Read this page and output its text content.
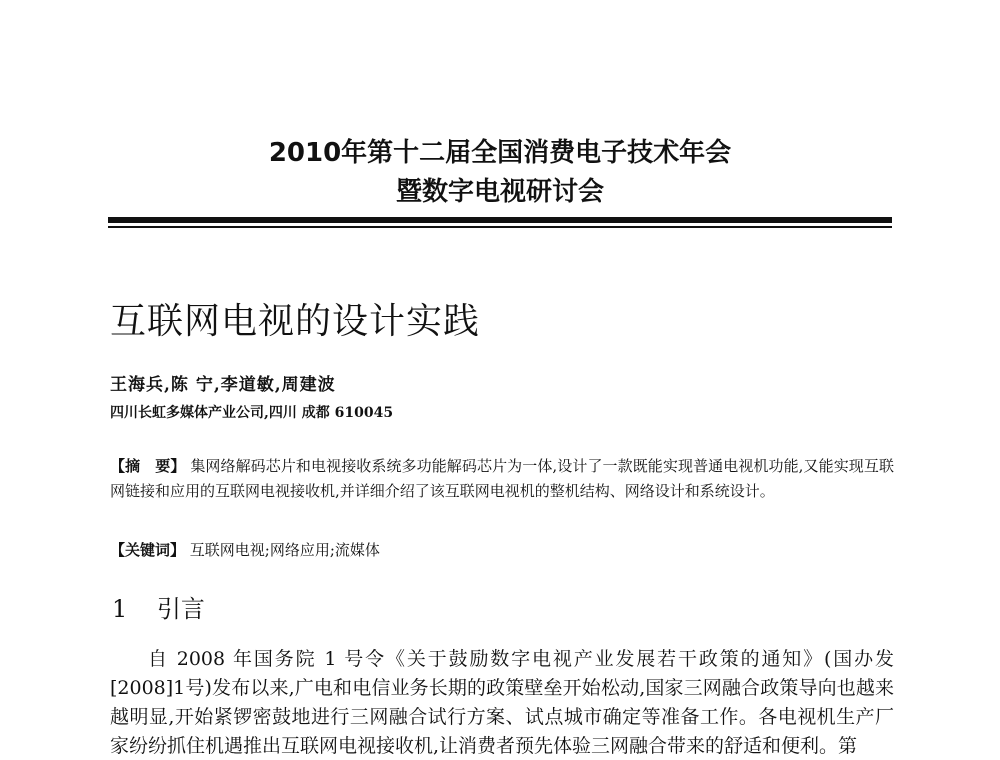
2010年第十二届全国消费电子技术年会
暨数字电视研讨会
互联网电视的设计实践
王海兵,陈 宁,李道敏,周建波
四川长虹多媒体产业公司,四川 成都 610045
【摘　要】 集网络解码芯片和电视接收系统多功能解码芯片为一体,设计了一款既能实现普通电视机功能,又能实现互联网链接和应用的互联网电视接收机,并详细介绍了该互联网电视机的整机结构、网络设计和系统设计。
【关键词】 互联网电视;网络应用;流媒体
1 引言
自 2008 年国务院 1 号令《关于鼓励数字电视产业发展若干政策的通知》(国办发[2008]1号)发布以来,广电和电信业务长期的政策壁垒开始松动,国家三网融合政策导向也越来越明显,开始紧锣密鼓地进行三网融合试行方案、试点城市确定等准备工作。各电视机生产厂家纷纷抓住机遇推出互联网电视接收机,让消费者预先体验三网融合带来的舒适和便利。第
